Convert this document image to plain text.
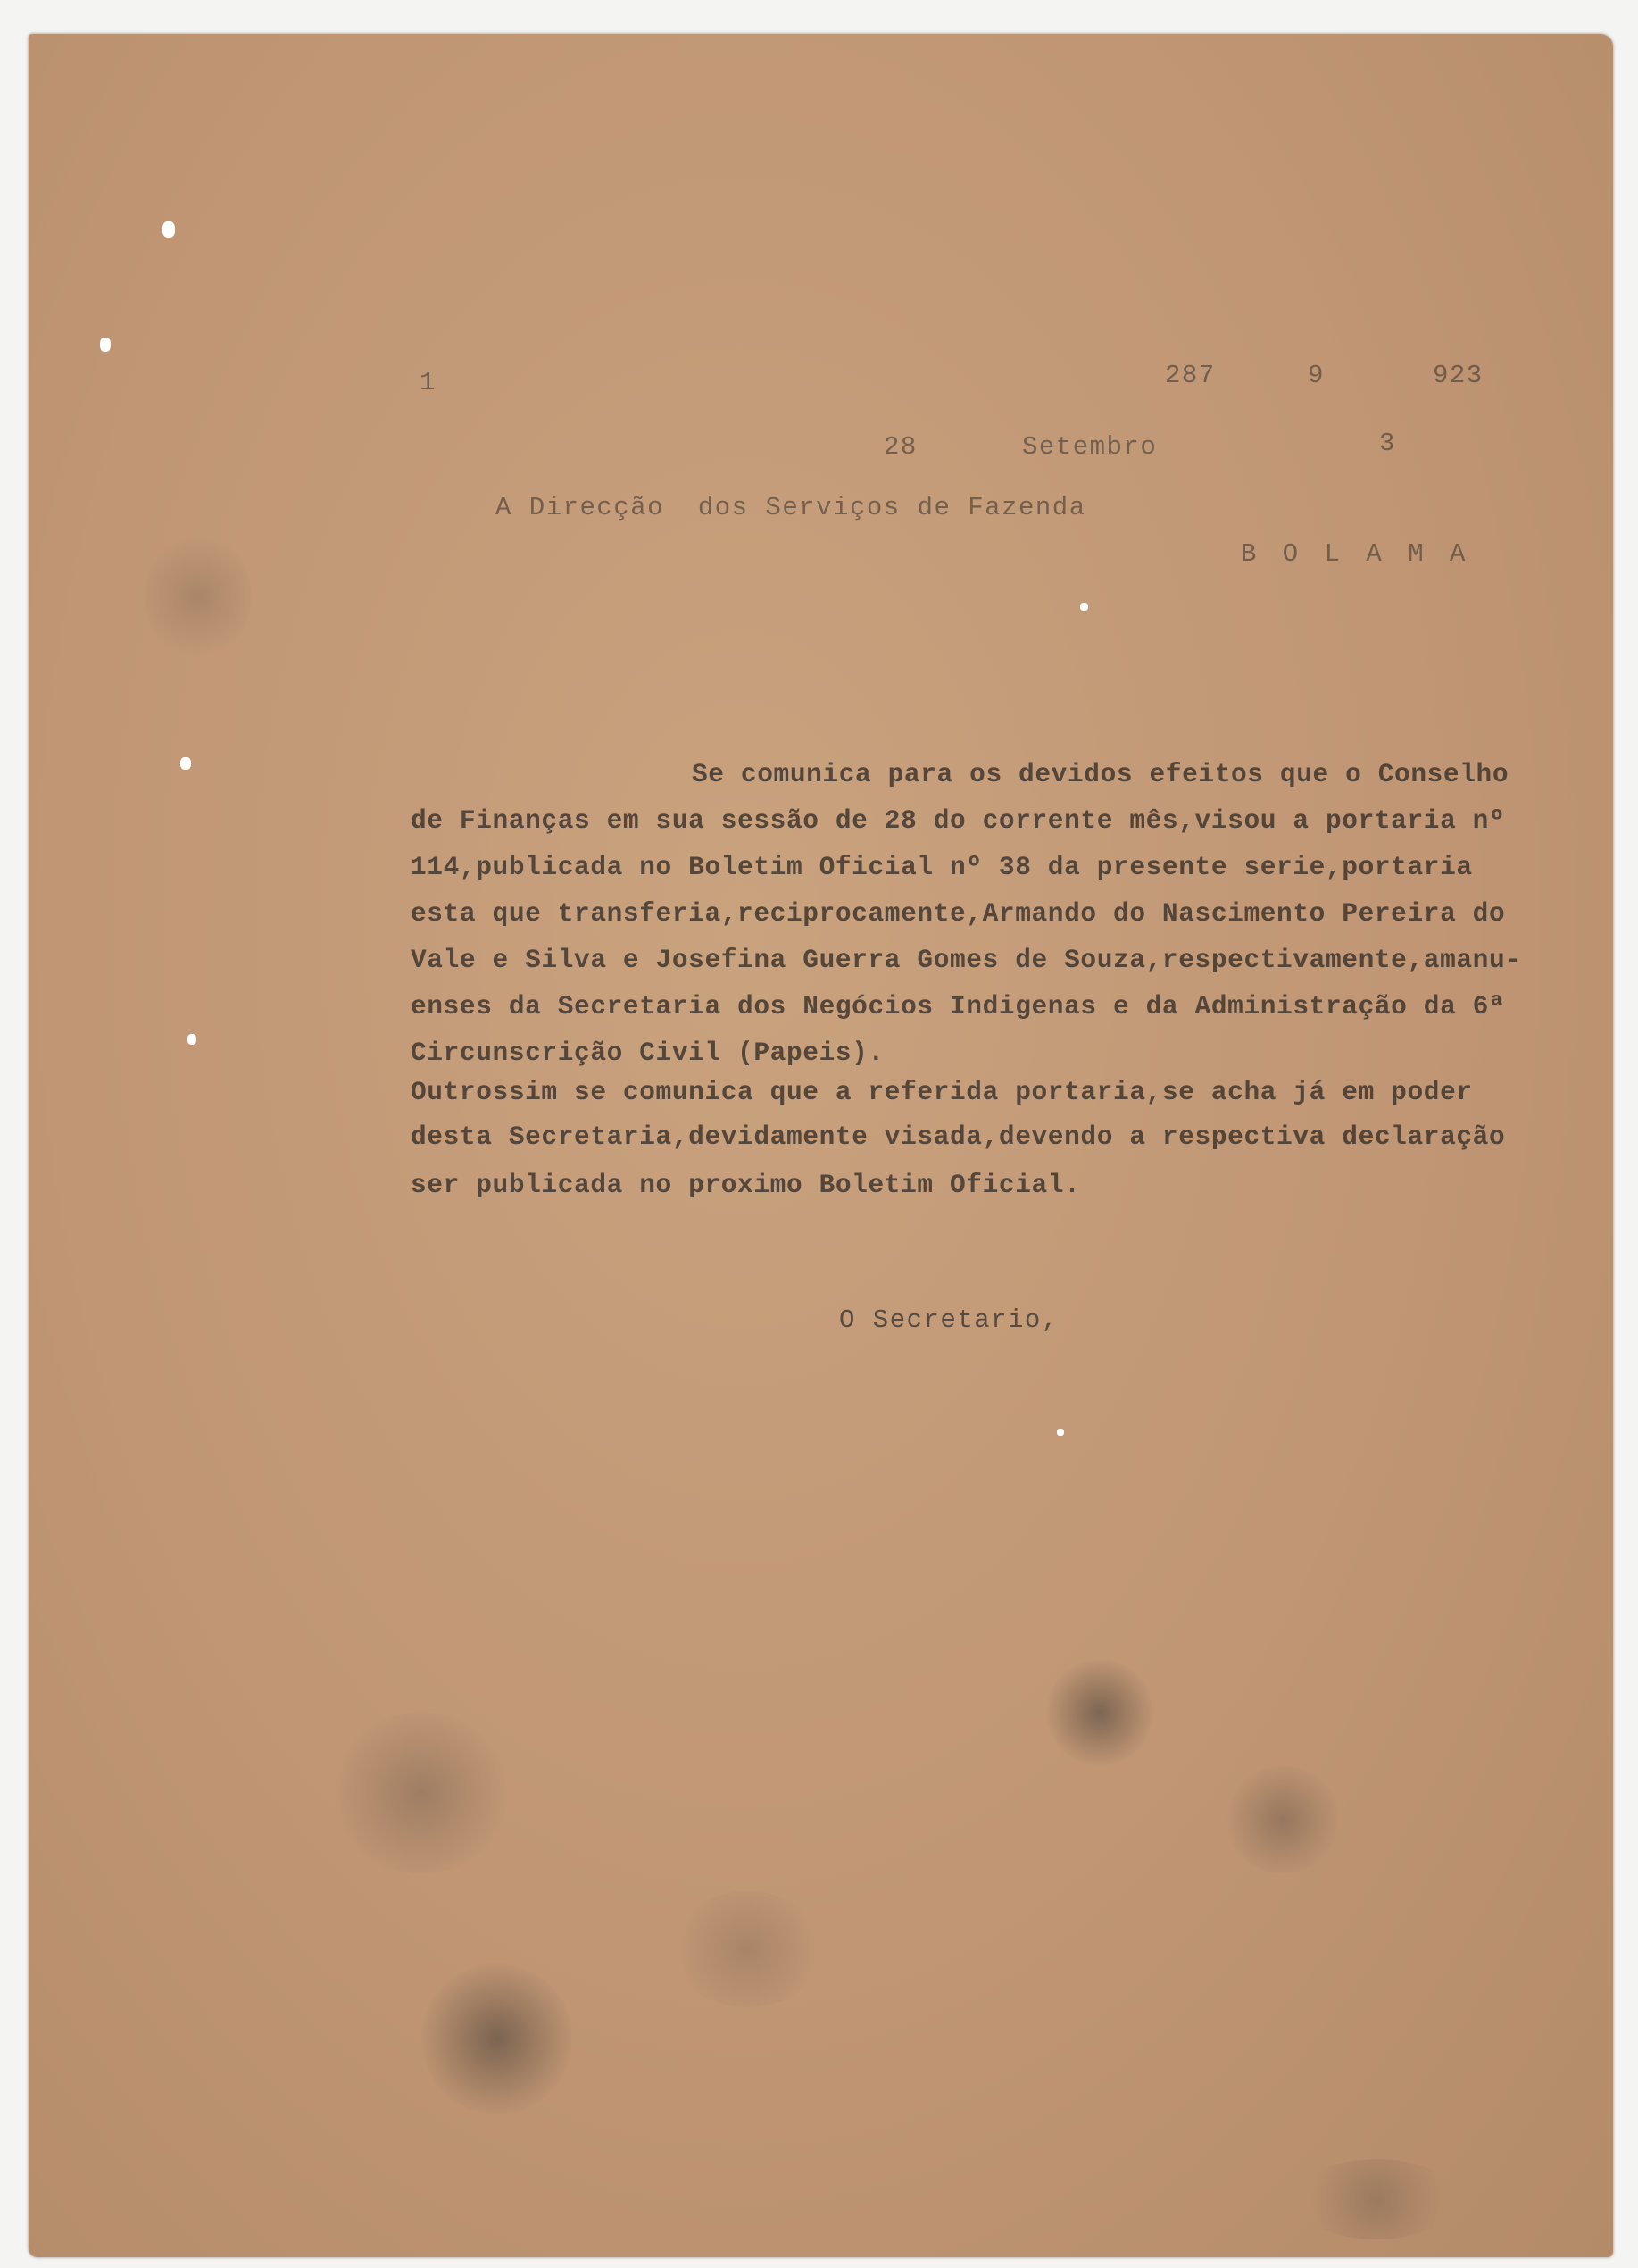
1	287	9	923
28	Setembro	3
A Direcção  dos Serviços de Fazenda
B O L A M A
Se comunica para os devidos efeitos que o Conselho
de Finanças em sua sessão de 28 do corrente mês,visou a portaria nº
114,publicada no Boletim Oficial nº 38 da presente serie,portaria
esta que transferia,reciprocamente,Armando do Nascimento Pereira do
Vale e Silva e Josefina Guerra Gomes de Souza,respectivamente,amanu-
enses da Secretaria dos Negócios Indigenas e da Administração da 6ª
Circunscrição Civil (Papeis).
Outrossim se comunica que a referida portaria,se acha já em poder
desta Secretaria,devidamente visada,devendo a respectiva declaração
ser publicada no proximo Boletim Oficial.
O Secretario,
